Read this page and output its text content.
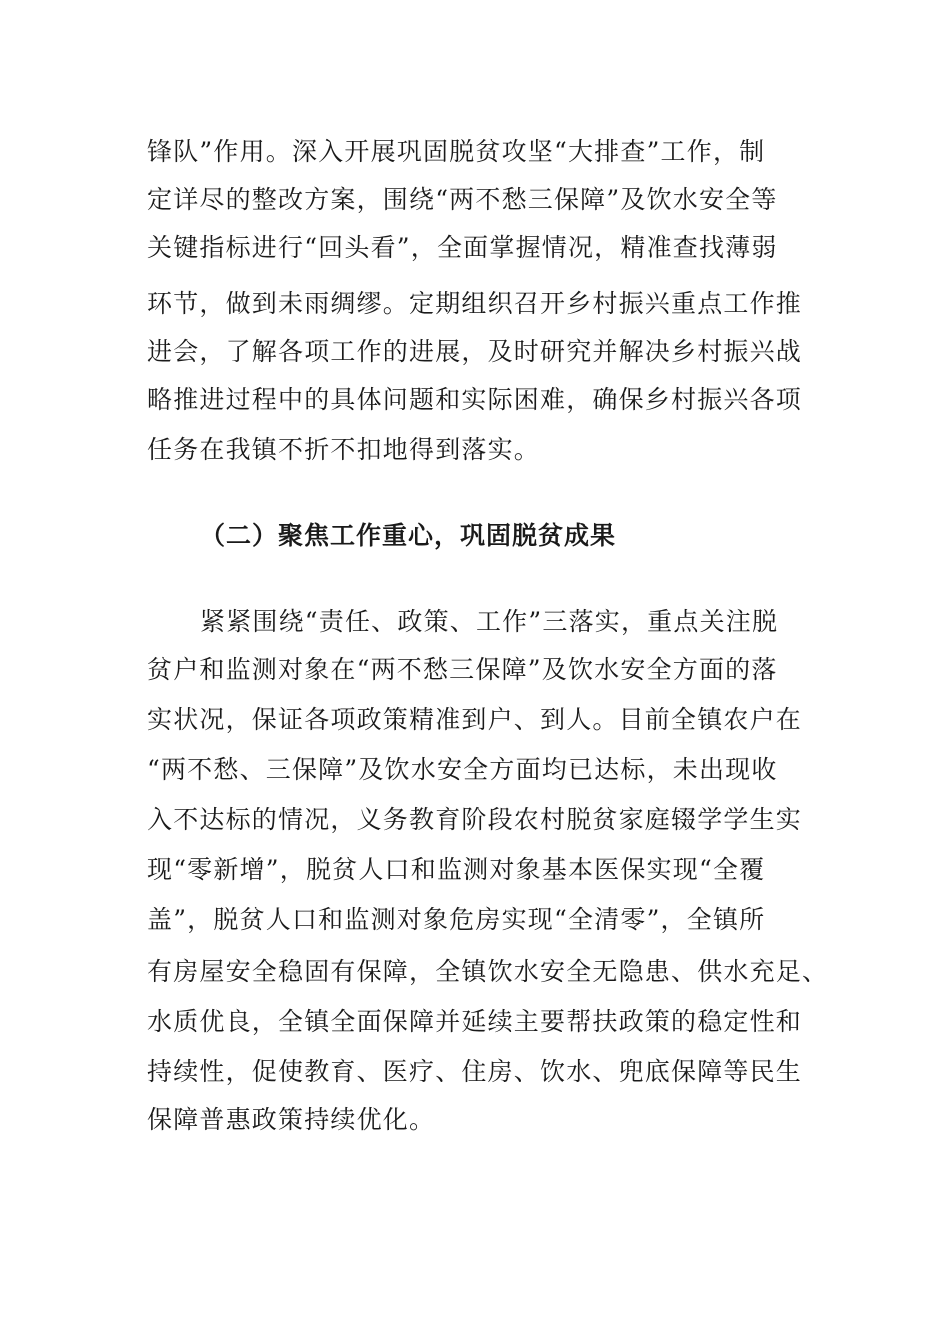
锋队”作用。深入开展巩固脱贫攻坚“大排查”工作，制
定详尽的整改方案，围绕“两不愁三保障”及饮水安全等
关键指标进行“回头看”，全面掌握情况，精准查找薄弱
环节，做到未雨绸缪。定期组织召开乡村振兴重点工作推
进会，了解各项工作的进展，及时研究并解决乡村振兴战
略推进过程中的具体问题和实际困难，确保乡村振兴各项
任务在我镇不折不扣地得到落实。
（二）聚焦工作重心，巩固脱贫成果
紧紧围绕“责任、政策、工作”三落实，重点关注脱
贫户和监测对象在“两不愁三保障”及饮水安全方面的落
实状况，保证各项政策精准到户、到人。目前全镇农户在
“两不愁、三保障”及饮水安全方面均已达标，未出现收
入不达标的情况，义务教育阶段农村脱贫家庭辍学学生实
现“零新增”，脱贫人口和监测对象基本医保实现“全覆
盖”，脱贫人口和监测对象危房实现“全清零”，全镇所
有房屋安全稳固有保障，全镇饮水安全无隐患、供水充足、
水质优良，全镇全面保障并延续主要帮扶政策的稳定性和
持续性，促使教育、医疗、住房、饮水、兜底保障等民生
保障普惠政策持续优化。
